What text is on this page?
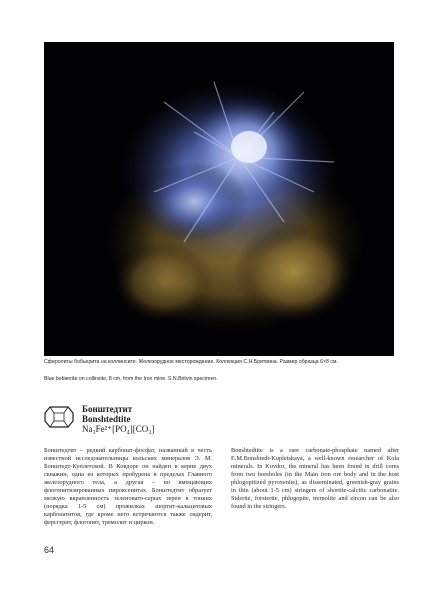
Сферолиты бобьерита на коллинсите. Железорудное месторождение. Коллекция С.Н.Бритвина. Размер образца 6×8 см.
Blue bobierrite on collinsite, 8 cm, from the Iron mine. S.N.Britvin specimen.
Бонштедтит
Bonshtedtite
Na₃Fe²⁺[PO₄][CO₃]
Бонштедтит – редкий карбонат-фосфат, названный в честь известной исследовательницы кольских минералов Э. М. Бонштедт-Куплетской. В Ковдоре он найден в керне двух скважин, одна из которых пробурена в пределах Главного железорудного тела, а другая – во вмещающих флогопитизированных пироксенитах. Бонштедтит образует мелкую вкрапленность зеленовато-серых зерен в тонких (порядка 1-5 см) прожилках шортит-кальцитовых карбонатитов, где кроме него встречаются также сидерит, ферсгерит, флогопит, тремолит и циркон.
Bonshtedtite is a rare carbonate-phosphate named after E.M.Bonshtedt-Kupletskaya, a well-known researcher of Kola minerals. In Kovdor, the mineral has been found in drill cores from two boreholes (in the Main iron ore body and in the host phlogopitized pyroxenite), as disseminated, greenish-gray grains in thin (about 1-5 cm) stringers of shortite-calcitic carbonatite. Siderite, forsterite, phlogopite, tremolite and zircon can be also found in the stringers.
64
